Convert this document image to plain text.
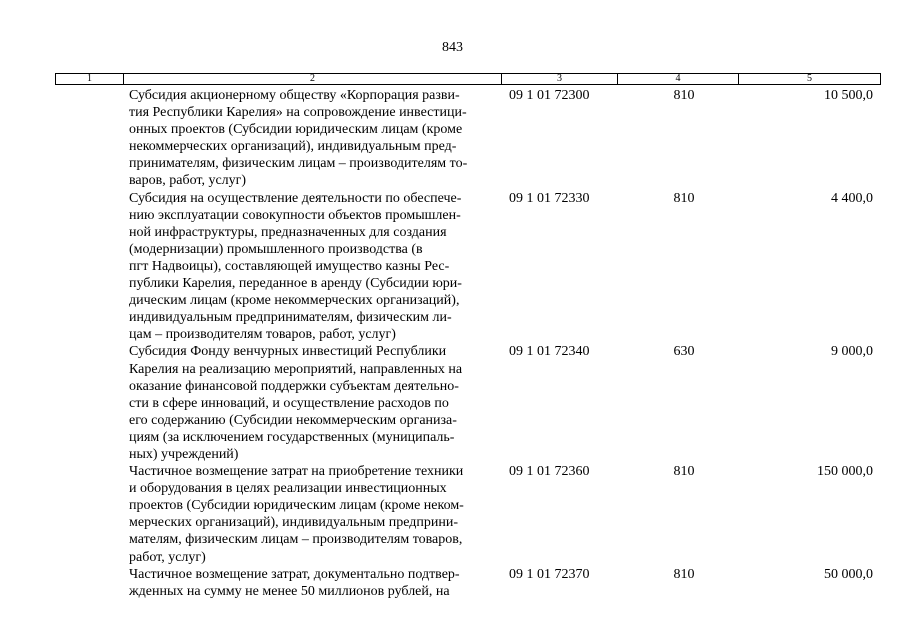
843
1	2	3	4	5
Субсидия акционерному обществу «Корпорация разви-
тия Республики Карелия» на сопровождение инвестици-
онных проектов (Субсидии юридическим лицам (кроме
некоммерческих организаций), индивидуальным пред-
принимателям, физическим лицам – производителям то-
варов, работ, услуг)
09 1 01 72300	810	10 500,0
Субсидия на осуществление деятельности по обеспече-
нию эксплуатации совокупности объектов промышлен-
ной инфраструктуры, предназначенных для создания
(модернизации) промышленного производства (в
пгт Надвоицы), составляющей имущество казны Рес-
публики Карелия, переданное в аренду (Субсидии юри-
дическим лицам (кроме некоммерческих организаций),
индивидуальным предпринимателям, физическим ли-
цам – производителям товаров, работ, услуг)
09 1 01 72330	810	4 400,0
Субсидия Фонду венчурных инвестиций Республики
Карелия на реализацию мероприятий, направленных на
оказание финансовой поддержки субъектам деятельно-
сти в сфере инноваций, и осуществление расходов по
его содержанию (Субсидии некоммерческим организа-
циям (за исключением государственных (муниципаль-
ных) учреждений)
09 1 01 72340	630	9 000,0
Частичное возмещение затрат на приобретение техники
и оборудования в целях реализации инвестиционных
проектов (Субсидии юридическим лицам (кроме неком-
мерческих организаций), индивидуальным предприни-
мателям, физическим лицам – производителям товаров,
работ, услуг)
09 1 01 72360	810	150 000,0
Частичное возмещение затрат, документально подтвер-
жденных на сумму не менее 50 миллионов рублей, на
09 1 01 72370	810	50 000,0
